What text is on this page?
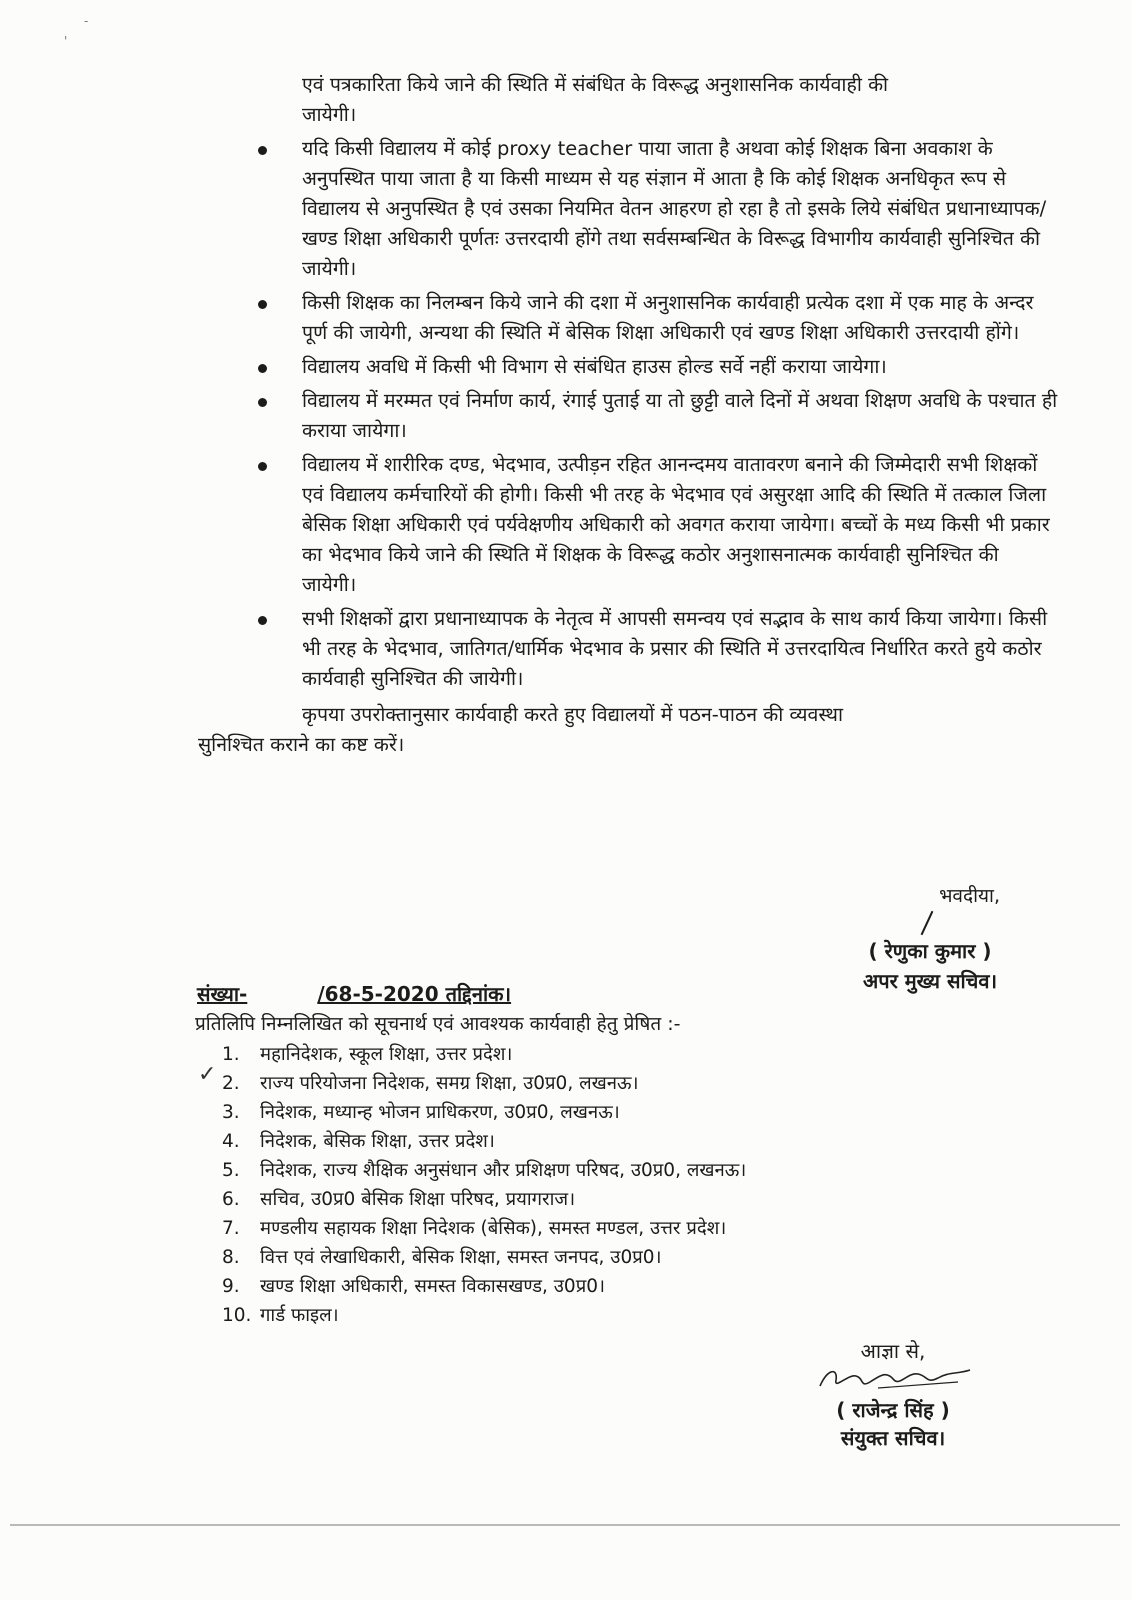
-
'
एवं पत्रकारिता किये जाने की स्थिति में संबंधित के विरूद्ध अनुशासनिक कार्यवाही की
जायेगी।
यदि किसी विद्यालय में कोई proxy teacher पाया जाता है अथवा कोई शिक्षक बिना अवकाश के अनुपस्थित पाया जाता है या किसी माध्यम से यह संज्ञान में आता है कि कोई शिक्षक अनधिकृत रूप से विद्यालय से अनुपस्थित है एवं उसका नियमित वेतन आहरण हो रहा है तो इसके लिये संबंधित प्रधानाध्यापक/खण्ड शिक्षा अधिकारी पूर्णतः उत्तरदायी होंगे तथा सर्वसम्बन्धित के विरूद्ध विभागीय कार्यवाही सुनिश्चित की जायेगी।
किसी शिक्षक का निलम्बन किये जाने की दशा में अनुशासनिक कार्यवाही प्रत्येक दशा में एक माह के अन्दर पूर्ण की जायेगी, अन्यथा की स्थिति में बेसिक शिक्षा अधिकारी एवं खण्ड शिक्षा अधिकारी उत्तरदायी होंगे।
विद्यालय अवधि में किसी भी विभाग से संबंधित हाउस होल्ड सर्वे नहीं कराया जायेगा।
विद्यालय में मरम्मत एवं निर्माण कार्य, रंगाई पुताई या तो छुट्टी वाले दिनों में अथवा शिक्षण अवधि के पश्चात ही कराया जायेगा।
विद्यालय में शारीरिक दण्ड, भेदभाव, उत्पीड़न रहित आनन्दमय वातावरण बनाने की जिम्मेदारी सभी शिक्षकों एवं विद्यालय कर्मचारियों की होगी। किसी भी तरह के भेदभाव एवं असुरक्षा आदि की स्थिति में तत्काल जिला बेसिक शिक्षा अधिकारी एवं पर्यवेक्षणीय अधिकारी को अवगत कराया जायेगा। बच्चों के मध्य किसी भी प्रकार का भेदभाव किये जाने की स्थिति में शिक्षक के विरूद्ध कठोर अनुशासनात्मक कार्यवाही सुनिश्चित की जायेगी।
सभी शिक्षकों द्वारा प्रधानाध्यापक के नेतृत्व में आपसी समन्वय एवं सद्भाव के साथ कार्य किया जायेगा। किसी भी तरह के भेदभाव, जातिगत/धार्मिक भेदभाव के प्रसार की स्थिति में उत्तरदायित्व निर्धारित करते हुये कठोर कार्यवाही सुनिश्चित की जायेगी।

कृपया उपरोक्तानुसार कार्यवाही करते हुए विद्यालयों में पठन-पाठन की व्यवस्था

सुनिश्चित कराने का कष्ट करें।

भवदीया,
( रेणुका कुमार )
अपर मुख्य सचिव।
संख्या-	/68-5-2020 तद्दिनांक।
प्रतिलिपि निम्नलिखित को सूचनार्थ एवं आवश्यक कार्यवाही हेतु प्रेषित :-
✓
1.	महानिदेशक, स्कूल शिक्षा, उत्तर प्रदेश।
2.	राज्य परियोजना निदेशक, समग्र शिक्षा, उ0प्र0, लखनऊ।
3.	निदेशक, मध्यान्ह भोजन प्राधिकरण, उ0प्र0, लखनऊ।
4.	निदेशक, बेसिक शिक्षा, उत्तर प्रदेश।
5.	निदेशक, राज्य शैक्षिक अनुसंधान और प्रशिक्षण परिषद, उ0प्र0, लखनऊ।
6.	सचिव, उ0प्र0 बेसिक शिक्षा परिषद, प्रयागराज।
7.	मण्डलीय सहायक शिक्षा निदेशक (बेसिक), समस्त मण्डल, उत्तर प्रदेश।
8.	वित्त एवं लेखाधिकारी, बेसिक शिक्षा, समस्त जनपद, उ0प्र0।
9.	खण्ड शिक्षा अधिकारी, समस्त विकासखण्ड, उ0प्र0।
10. गार्ड फाइल।
आज्ञा से,
( राजेन्द्र सिंह )
संयुक्त सचिव।
